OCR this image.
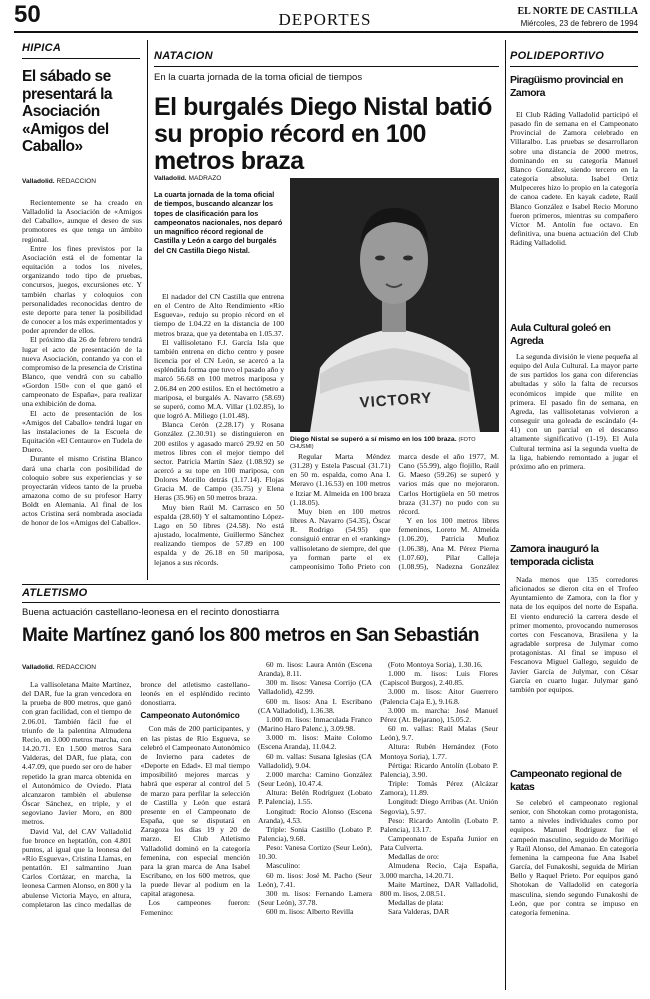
50	DEPORTES	EL NORTE DE CASTILLA
Miércoles, 23 de febrero de 1994
HIPICA
El sábado se presentará la Asociación «Amigos del Caballo»
Valladolid. REDACCION

Recientemente se ha creado en Valladolid la Asociación de «Amigos del Caballo», aunque el deseo de sus promotores es que tenga un ámbito regional.

Entre los fines previstos por la Asociación está el de fomentar la equitación a todos los niveles, organizando todo tipo de pruebas, concursos, juegos, excursiones etc. Y también charlas y coloquios con personalidades reconocidas dentro de este deporte para tener la posibilidad de conocer a los más experimentados y poder aprender de ellos.

El próximo día 26 de febrero tendrá lugar el acto de presentación de la nueva Asociación, contando ya con el compromiso de la presencia de Cristina Blanco, que vendrá con su caballo «Gordon 150» con el que ganó el campeonato de España», para realizar una exhibición de doma.

El acto de presentación de los «Amigos del Caballo» tendrá lugar en las instalaciones de la Escuela de Equitación «El Centauro» en Tudela de Duero.

Durante el mismo Cristina Blanco dará una charla con posibilidad de coloquio sobre sus experiencias y se proyectarán vídeos tanto de la prueba amazona como de su profesor Harry Boldt en Alemania. Al final de los actos Cristina será nombrada asociada de honor de los «Amigos del Caballo».

NATACION
En la cuarta jornada de la toma oficial de tiempos
El burgalés Diego Nistal batió su propio récord en 100 metros braza
Valladolid. MADRAZO
La cuarta jornada de la toma oficial de tiempos, buscando alcanzar los topes de clasificación para los campeonatos nacionales, nos deparó un magnífico récord regional de Castilla y León a cargo del burgalés del CN Castilla Diego Nistal.

El nadador del CN Castilla que entrena en el Centro de Alto Rendimiento «Río Esgueva», redujo su propio récord en el tiempo de 1.04.22 en la distancia de 100 metros braza, que ya detentaba en 1.05.37.

El vallisoletano F.J. García Isla que también entrena en dicho centro y posee licencia por el CN León, se acercó a la espléndida forma que tuvo el pasado año y marcó 56.68 en 100 metros mariposa y 2.06.84 en 200 estilos. En el hectómetro a mariposa, el burgalés A. Navarro (58.69) se superó, como M.A. Villar (1.02.85), lo que logró A. Miliego (1.01.48).

Blanca Cerón (2.28.17) y Rosana González (2.30.91) se distinguieron en 200 estilos y agasado marcó 29.92 en 50 metros libres con el mejor tiempo del sector. Patricia Martín Sáez (1.08.92) se acercó a su tope en 100 mariposa, con Dolores Morillo detrás (1.17.14). Flojas Gracia M. de Campo (35.75) y Elena Heras (35.96) en 50 metros braza.

Muy bien Raúl M. Carrasco en 50 espalda (28.60) Y el saltamontino López-Lago en 50 libres (24.58). No está ajustado, localmente, Guillermo Sánchez realizando tiempos de 57.89 en 100 espalda y de 26.18 en 50 mariposa, lejanos a sus récords.

Regular Marta Méndez (31.28) y Estela Pascual (31.71) en 50 m. espalda, como Ana I. Meravo (1.16.53) en 100 metros e Itziar M. Almeida en 100 braza (1.18.05).

Muy bien en 100 metros libres A. Navarro (54.35), Óscar R. Rodrigo (54.95) que consiguió entrar en el «ranking» vallisoletano de siempre, del que ya forman parte el ex campeonísimo Toño Prieto con marca desde el año 1977, M. Cano (55.99), algo flojillo, Raúl G. Maeso (59.26) se superó y varios más que no mejoraron. Carlos Hortigüela en 50 metros braza (31.37) no pudo con su récord.

Y en los 100 metros libres femeninos, Loreto M. Almeida (1.06.20), Patricia Muñoz (1.06.38), Ana M. Pérez Pierna (1.07.60), Pilar Calleja (1.08.95), Nadezna González

VICTORY
Diego Nistal se superó a sí mismo en los 100 braza. (FOTO CHUSMI)
POLIDEPORTIVO
Piragüismo provincial en Zamora
El Club Ráding Valladolid participó el pasado fin de semana en el Campeonato Provincial de Zamora celebrado en Villaralbo. Las pruebas se desarrollaron sobre una distancia de 2000 metros, dominando en su categoría Manuel Blanco González, siendo tercero en la categoría absoluta. Isabel Ortiz Mulpeceres hizo lo propio en la categoría de canoa cadete. En kayak cadete, Raúl Blanco González e Isabel Recio Moruno fueron primeros, mientras su compañero Víctor M. Antolín fue octavo. En definitiva, una buena actuación del Club Ráding Valladolid.
Aula Cultural goleó en Agreda
La segunda división le viene pequeña al equipo del Aula Cultural. La mayor parte de sus partidos los gana con diferencias abultadas y sólo la falta de recursos económicos impide que milite en primera. El pasado fin de semana, en Agreda, las vallisoletanas volvieron a conseguir una goleada de escándalo (4-41) con un parcial en el descanso altamente significativo (1-19). El Aula Cultural termina así la segunda vuelta de la liga, habiendo remontado a jugar el próximo año en primera.
Zamora inauguró la temporada ciclista
Nada menos que 135 corredores aficionados se dieron cita en el Trofeo Ayuntamiento de Zamora, con la flor y nata de los equipos del norte de España. El viento endureció la carrera desde el primer momento, provocando numerosos cortes con Fescanova, Brasilena y la agradable sorpresa de Julymar como protagonistas. Al final se impuso el Fescanova Miguel Gallego, seguido de Javier García de Julymar, con César García en cuarto lugar. Julymar ganó también por equipos.
Campeonato regional de katas
Se celebró el campeonato regional senior, con Shotokan como protagonista, tanto a niveles individuales como por equipos. Manuel Rodríguez fue el campeón masculino, seguido de Moriñigo y Raúl Alonso, del Amanao. En categoría femenina la campeona fue Ana Isabel García, del Funakoshi, seguida de Mirian Bello y Raquel Prieto. Por equipos ganó Shotokan de Valladolid en categoría masculina, siendo segundo Funakoshi de León, que por contra se impuso en categoría femenina.
ATLETISMO
Buena actuación castellano-leonesa en el recinto donostiarra
Maite Martínez ganó los 800 metros en San Sebastián
Valladolid. REDACCION

La vallisoletana Maite Martínez, del DAR, fue la gran vencedora en la prueba de 800 metros, que ganó con gran facilidad, con el tiempo de 2.06.01. También fácil fue el triunfo de la palentina Almudena Recio, en 3.000 metros marcha, con 14.20.71. En 1.500 metros Sara Valderas, del DAR, fue plata, con 4.47.09, que puedo ser oro de haber repetido la gran marca obtenida en el Autonómico de Oviedo. Plata alcanzaron también el abulense Óscar Sánchez, en triple, y el segoviano Javier Moro, en 800 metros.

David Val, del CAV Valladolid fue bronce en heptatlón, con 4.801 puntos, al igual que la leonesa del «Río Esgueva», Cristina Llamas, en pentatlón. El salmantino Juan Carlos Cortázar, en marcha, la leonesa Carmen Alonso, en 800 y la abulense Victoria Mayo, en altura, completaron las cinco medallas de bronce del atletismo castellano-leonés en el espléndido recinto donostiarra.

Campeonato Autonómico

Con más de 200 participantes, y en las pistas de Río Esgueva, se celebró el Campeonato Autonómico de Invierno para cadetes de «Deporte en Edad». El mal tiempo imposibilitó mejores marcas y habrá que esperar al control del 5 de marzo para perfilar la selección de Castilla y León que estará presente en el Campeonato de España, que se disputará en Zaragoza los días 19 y 20 de marzo. El Club Atletismo Valladolid dominó en la categoría femenina, con especial mención para la gran marca de Ana Isabel Escribano, en los 600 metros, que la puede llevar al podium en la capital aragonesa.

Los campeones fueron: Femenino:

60 m. lisos: Laura Antón (Escena Aranda), 8.11.

300 m. lisos: Vanesa Corrijo (CA Valladolid), 42.99.

600 m. lisos: Ana I. Escribano (CA Valladolid), 1.36.38.

1.000 m. lisos: Inmaculada Franco (Marino Haro Palenc.), 3.09.98.

3.000 m. lisos: Maite Colomo (Escena Aranda), 11.04.2.

60 m. vallas: Susana Iglesias (CA Valladolid), 9.04.

2.000 marcha: Camino González (Seur León), 10.47.4.

Altura: Belén Rodríguez (Lobato P. Palencia), 1.55.

Longitud: Rocío Alonso (Escena Aranda), 4.53.

Triple: Sonia Castillo (Lobato P. Palencia), 9.68.

Peso: Vanesa Cortizo (Seur León), 10.30.

Masculino:

60 m. lisos: José M. Pacho (Seur León), 7.41.

300 m. lisos: Fernando Lamera (Seur León), 37.78.

600 m. lisos: Alberto Revilla

(Foto Montoya Soria), 1.30.16.

1.000 m. lisos: Luis Flores (Capiscol Burgos), 2.40.85.

3.000 m. lisos: Aitor Guerrero (Palencia Caja E.), 9.16.8.

3.000 m. marcha: José Manuel Pérez (At. Bejarano), 15.05.2.

60 m. vallas: Raúl Malas (Seur León), 9.7.

Altura: Rubén Hernández (Foto Montoya Soria), 1.77.

Pértiga: Ricardo Antolín (Lobato P. Palencia), 3.90.

Triple: Tomás Pérez (Alcázar Zamora), 11.89.

Longitud: Diego Arribas (At. Unión Segovia), 5.97.

Peso: Ricardo Antolín (Lobato P. Palencia), 13.17.

Campeonato de España Junior en Pata Culverta.

Medallas de oro:

Almudena Recio, Caja España, 3.000 marcha, 14.20.71.

Maite Martínez, DAR Valladolid, 800 m. lisos, 2.08.51.

Medallas de plata:

Sara Valderas, DAR
